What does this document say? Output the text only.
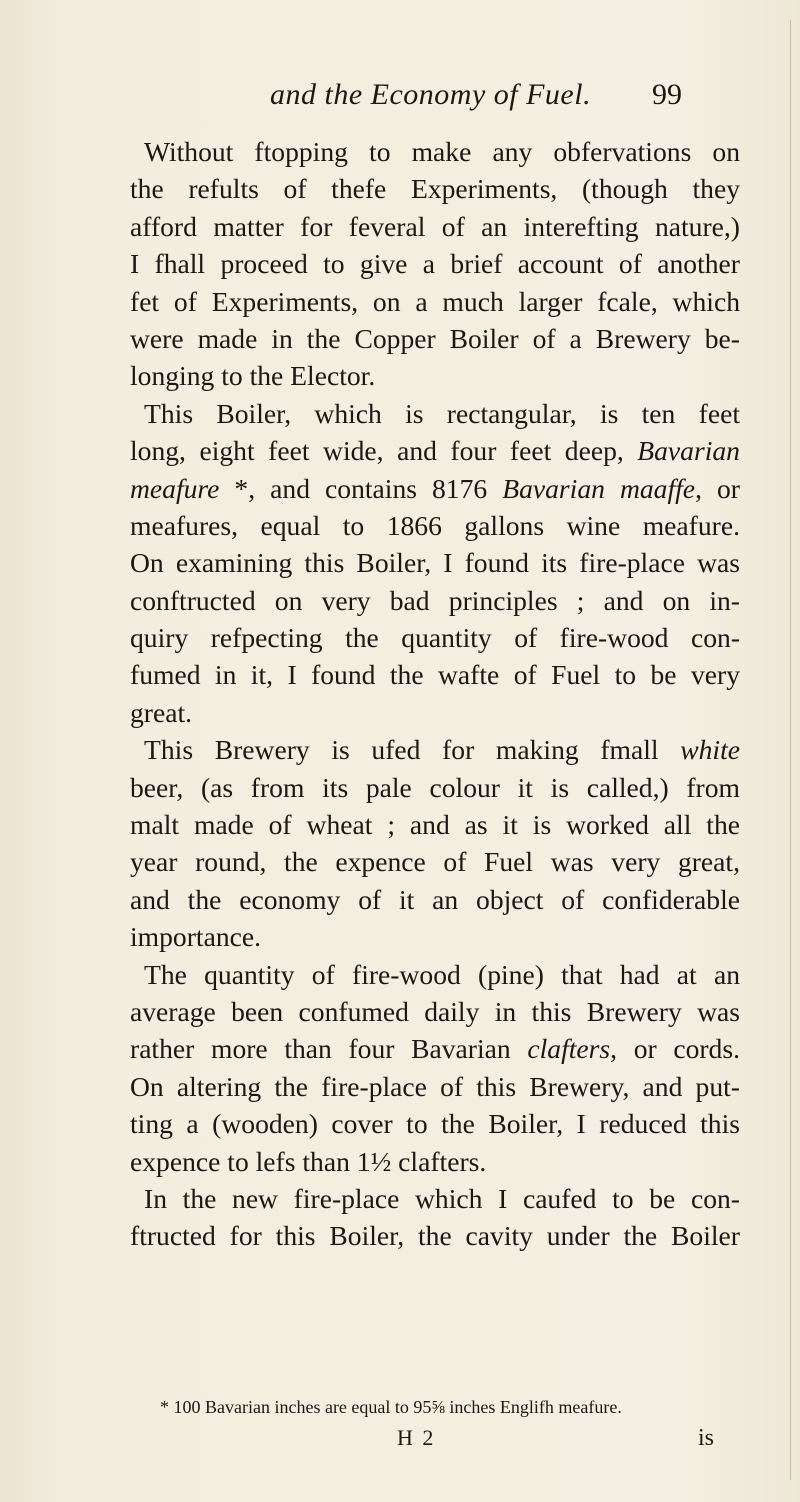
and the Economy of Fuel. 99
Without ftopping to make any obfervations on
the refults of thefe Experiments, (though they
afford matter for feveral of an interefting nature,)
I fhall proceed to give a brief account of another
fet of Experiments, on a much larger fcale, which
were made in the Copper Boiler of a Brewery be-
longing to the Elector.
This Boiler, which is rectangular, is ten feet
long, eight feet wide, and four feet deep, Bavarian
meafure *, and contains 8176 Bavarian maaffe, or
meafures, equal to 1866 gallons wine meafure.
On examining this Boiler, I found its fire-place was
conftructed on very bad principles ; and on in-
quiry refpecting the quantity of fire-wood con-
fumed in it, I found the wafte of Fuel to be very
great.
This Brewery is ufed for making fmall white
beer, (as from its pale colour it is called,) from
malt made of wheat ; and as it is worked all the
year round, the expence of Fuel was very great,
and the economy of it an object of confiderable
importance.
The quantity of fire-wood (pine) that had at an
average been confumed daily in this Brewery was
rather more than four Bavarian clafters, or cords.
On altering the fire-place of this Brewery, and put-
ting a (wooden) cover to the Boiler, I reduced this
expence to lefs than 1½ clafters.
In the new fire-place which I caufed to be con-
ftructed for this Boiler, the cavity under the Boiler
* 100 Bavarian inches are equal to 95⅝ inches Englifh meafure.
H 2	is
